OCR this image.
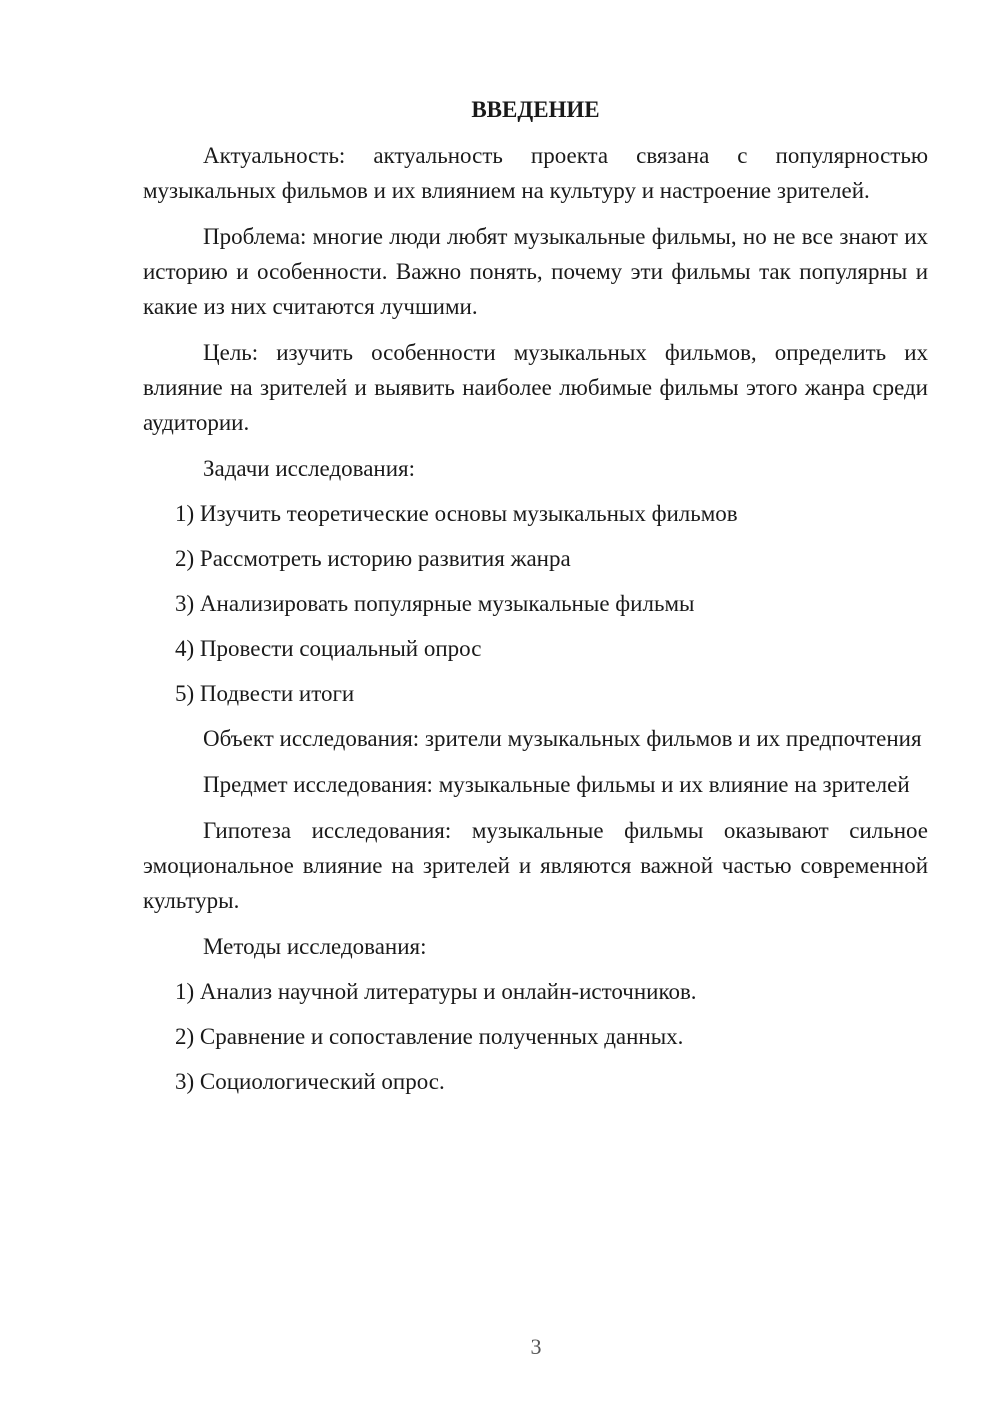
ВВЕДЕНИЕ
Актуальность: актуальность проекта связана с популярностью музыкальных фильмов и их влиянием на культуру и настроение зрителей.
Проблема: многие люди любят музыкальные фильмы, но не все знают их историю и особенности. Важно понять, почему эти фильмы так популярны и какие из них считаются лучшими.
Цель: изучить особенности музыкальных фильмов, определить их влияние на зрителей и выявить наиболее любимые фильмы этого жанра среди аудитории.
Задачи исследования:
1) Изучить теоретические основы музыкальных фильмов
2) Рассмотреть историю развития жанра
3) Анализировать популярные музыкальные фильмы
4) Провести социальный опрос
5) Подвести итоги
Объект исследования: зрители музыкальных фильмов и их предпочтения
Предмет исследования: музыкальные фильмы и их влияние на зрителей
Гипотеза исследования: музыкальные фильмы оказывают сильное эмоциональное влияние на зрителей и являются важной частью современной культуры.
Методы исследования:
1) Анализ научной литературы и онлайн-источников.
2) Сравнение и сопоставление полученных данных.
3) Социологический опрос.
3
